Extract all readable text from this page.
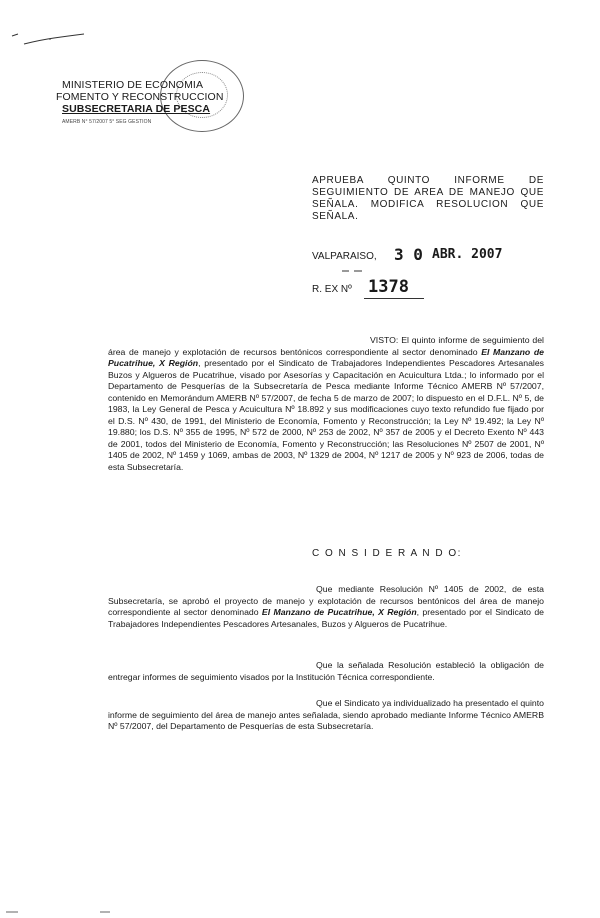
MINISTERIO DE ECONOMIA
FOMENTO Y RECONSTRUCCION
SUBSECRETARIA DE PESCA
AMERB N° 57/2007 5° SEG GESTION
APRUEBA QUINTO INFORME DE
SEGUIMIENTO DE AREA DE MANEJO QUE
SEÑALA. MODIFICA RESOLUCION QUE
SEÑALA.
VALPARAISO, 3 0 ABR. 2007
R. EX Nº 1378
VISTO: El quinto informe de seguimiento del área de manejo y explotación de recursos bentónicos correspondiente al sector denominado El Manzano de Pucatrihue, X Región, presentado por el Sindicato de Trabajadores Independientes Pescadores Artesanales Buzos y Algueros de Pucatrihue, visado por Asesorías y Capacitación en Acuicultura Ltda.; lo informado por el Departamento de Pesquerías de la Subsecretaría de Pesca mediante Informe Técnico AMERB Nº 57/2007, contenido en Memorándum AMERB Nº 57/2007, de fecha 5 de marzo de 2007; lo dispuesto en el D.F.L. Nº 5, de 1983, la Ley General de Pesca y Acuicultura Nº 18.892 y sus modificaciones cuyo texto refundido fue fijado por el D.S. Nº 430, de 1991, del Ministerio de Economía, Fomento y Reconstrucción; la Ley Nº 19.492; la Ley Nº 19.880; los D.S. Nº 355 de 1995, Nº 572 de 2000, Nº 253 de 2002, Nº 357 de 2005 y el Decreto Exento Nº 443 de 2001, todos del Ministerio de Economía, Fomento y Reconstrucción; las Resoluciones Nº 2507 de 2001, Nº 1405 de 2002, Nº 1459 y 1069, ambas de 2003, Nº 1329 de 2004, Nº 1217 de 2005 y Nº 923 de 2006, todas de esta Subsecretaría.
C O N S I D E R A N D O:
Que mediante Resolución Nº 1405 de 2002, de esta Subsecretaría, se aprobó el proyecto de manejo y explotación de recursos bentónicos del área de manejo correspondiente al sector denominado El Manzano de Pucatrihue, X Región, presentado por el Sindicato de Trabajadores Independientes Pescadores Artesanales, Buzos y Algueros de Pucatrihue.
Que la señalada Resolución estableció la obligación de entregar informes de seguimiento visados por la Institución Técnica correspondiente.
Que el Sindicato ya individualizado ha presentado el quinto informe de seguimiento del área de manejo antes señalada, siendo aprobado mediante Informe Técnico AMERB Nº 57/2007, del Departamento de Pesquerías de esta Subsecretaría.
